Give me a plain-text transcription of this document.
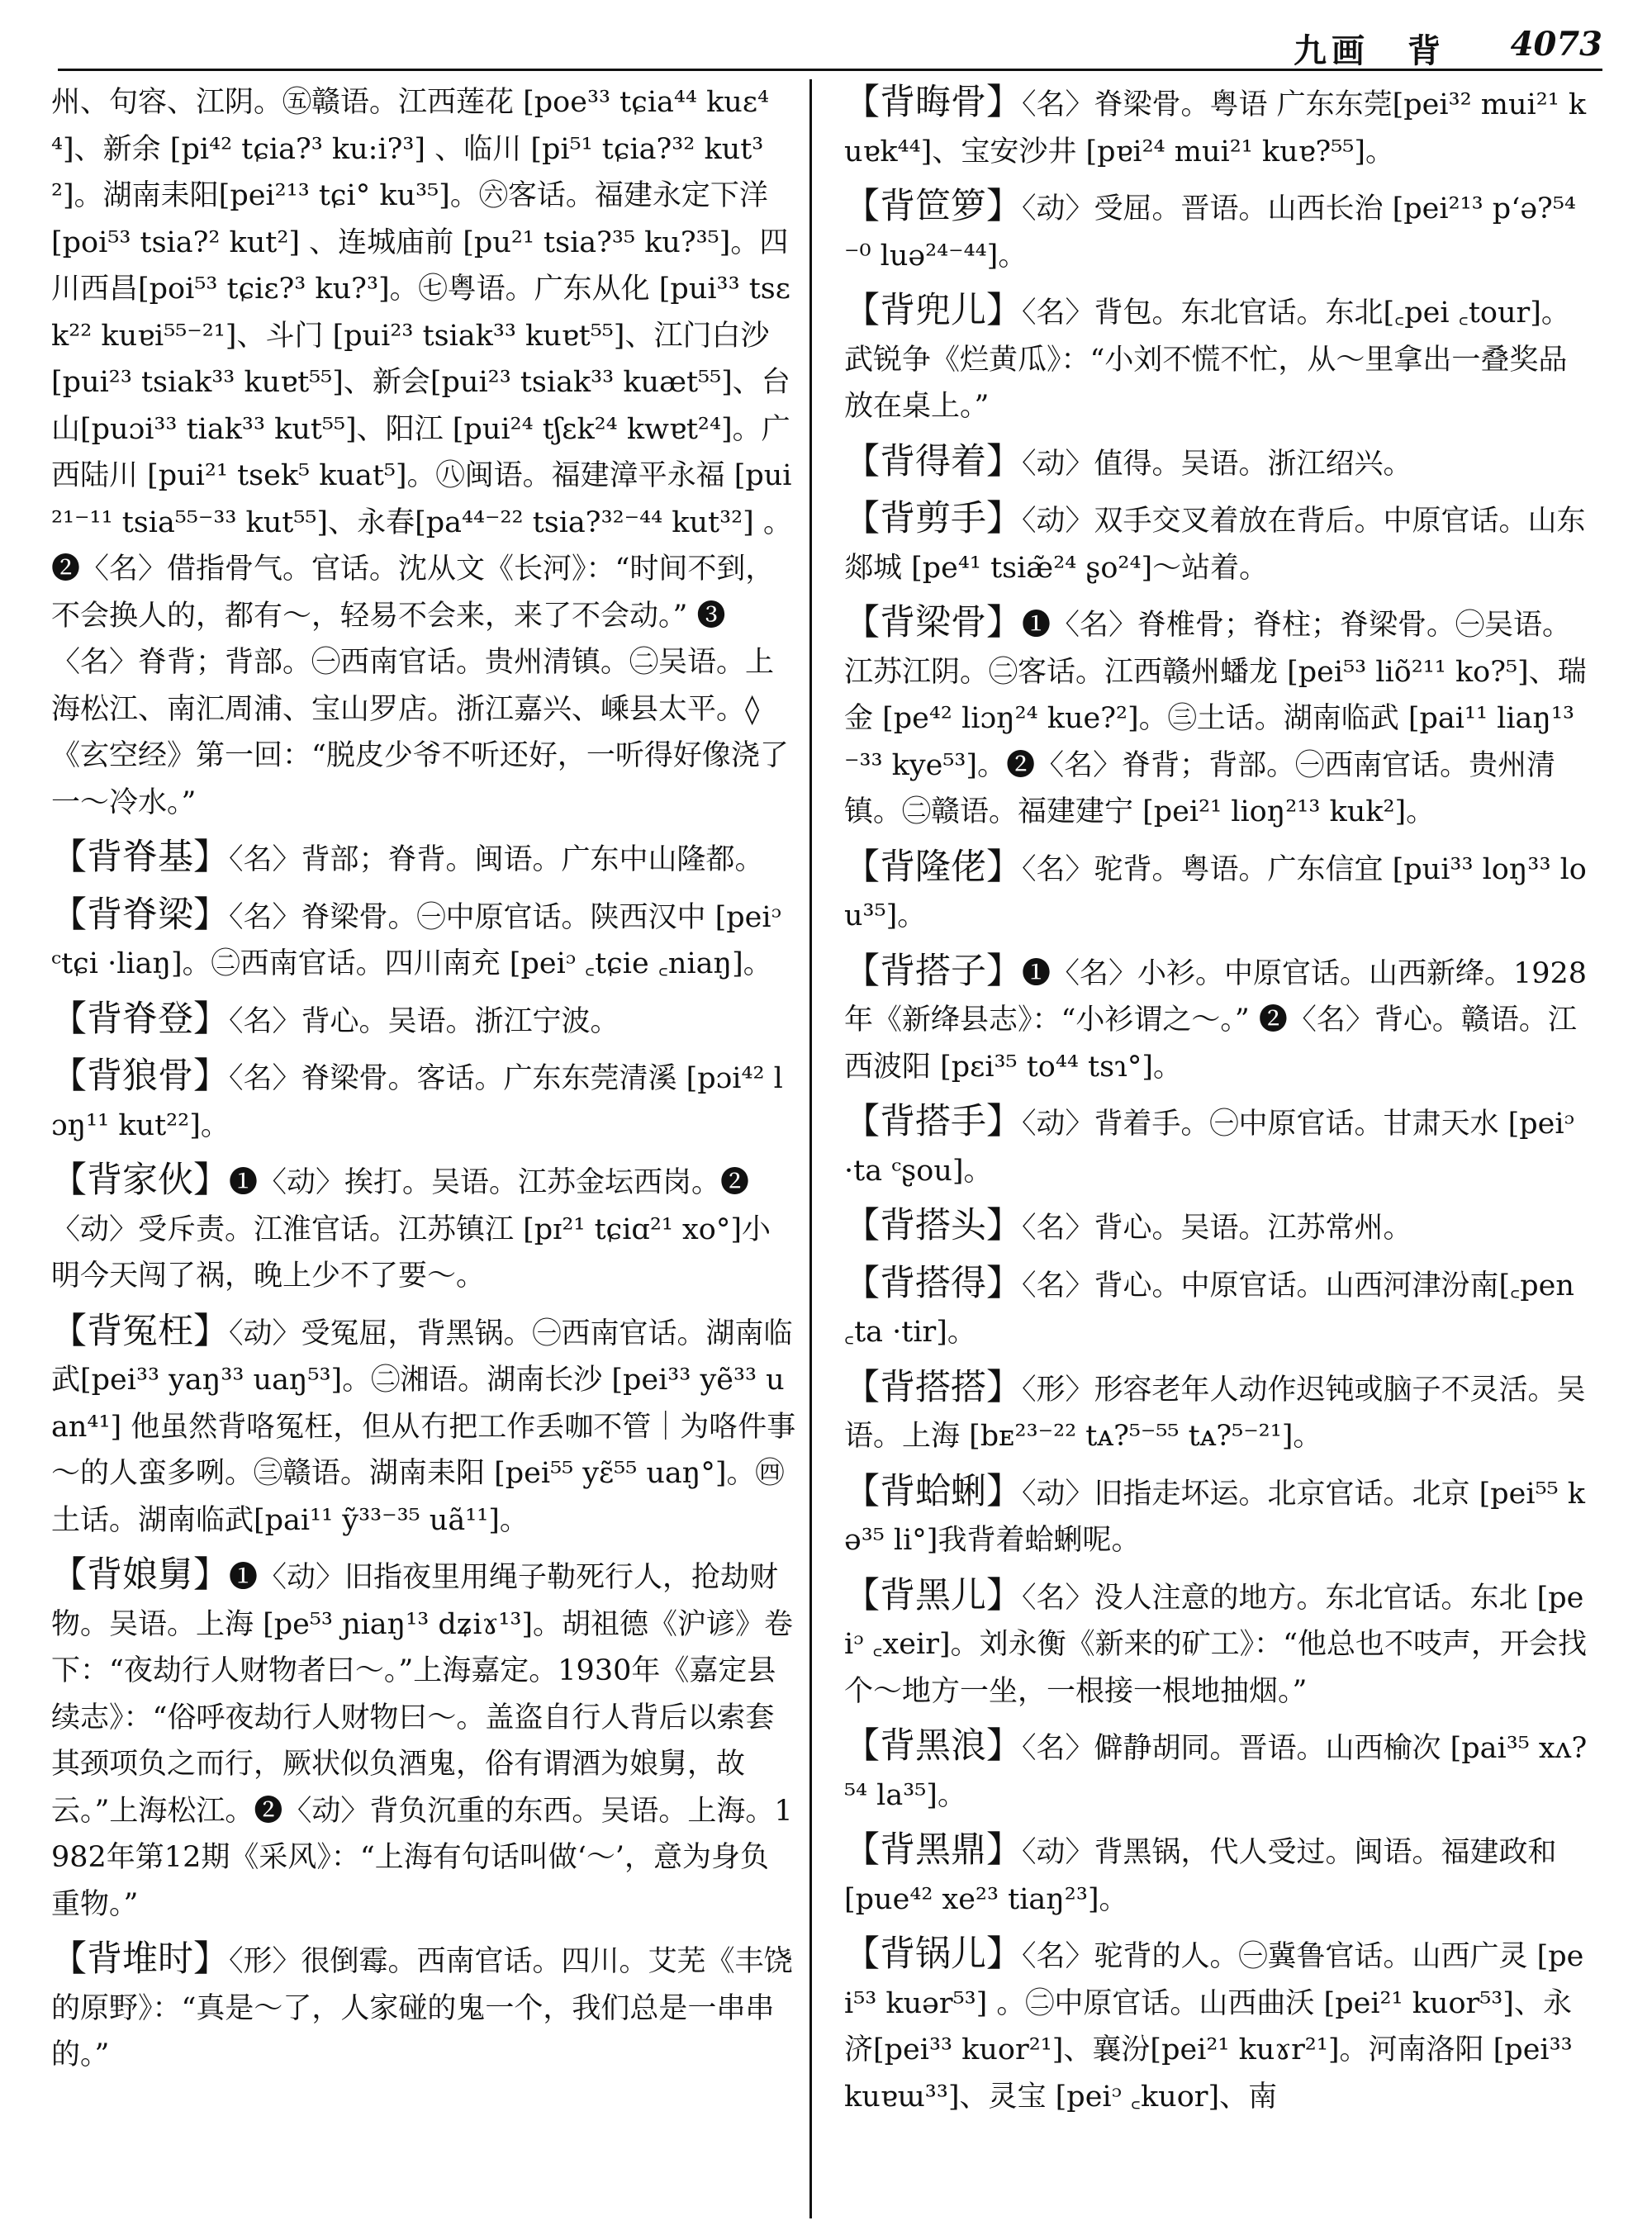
九画　背 4073
州、句容、江阴。㊄赣语。江西莲花 [poe³³ tɕia⁴⁴ kuɛ⁴⁴]、新余 [pi⁴² tɕia?³ ku:i?³] 、临川 [pi⁵¹ tɕia?³² kut³²]。湖南耒阳[pei²¹³ tɕi° ku³⁵]。㊅客话。福建永定下洋 [poi⁵³ tsia?² kut²] 、连城庙前 [pu²¹ tsia?³⁵ ku?³⁵]。四川西昌[poi⁵³ tɕiɛ?³ ku?³]。㊆粤语。广东从化 [pui³³ tsɛk²² kuɐi⁵⁵⁻²¹]、斗门 [pui²³ tsiak³³ kuɐt⁵⁵]、江门白沙 [pui²³ tsiak³³ kuɐt⁵⁵]、新会[pui²³ tsiak³³ kuæt⁵⁵]、台山[puɔi³³ tiak³³ kut⁵⁵]、阳江 [pui²⁴ tʃɛk²⁴ kwɐt²⁴]。广西陆川 [pui²¹ tsek⁵ kuat⁵]。㊇闽语。福建漳平永福 [pui²¹⁻¹¹ tsia⁵⁵⁻³³ kut⁵⁵]、永春[pa⁴⁴⁻²² tsia?³²⁻⁴⁴ kut³²] 。❷〈名〉借指骨气。官话。沈从文《长河》：“时间不到，不会换人的，都有～，轻易不会来，来了不会动。” ❸〈名〉脊背；背部。㊀西南官话。贵州清镇。㊁吴语。上海松江、南汇周浦、宝山罗店。浙江嘉兴、嵊县太平。◊《玄空经》第一回：“脱皮少爷不听还好，一听得好像浇了一～冷水。”
【背脊基】〈名〉背部；脊背。闽语。广东中山隆都。
【背脊梁】〈名〉脊梁骨。㊀中原官话。陕西汉中 [peiᵓ ᶜtɕi ·liaŋ]。㊁西南官话。四川南充 [peiᵓ ꜀tɕie ꜀niaŋ]。
【背脊登】〈名〉背心。吴语。浙江宁波。
【背狼骨】〈名〉脊梁骨。客话。广东东莞清溪 [pɔi⁴² lɔŋ¹¹ kut²²]。
【背家伙】❶〈动〉挨打。吴语。江苏金坛西岗。❷〈动〉受斥责。江淮官话。江苏镇江 [pɪ²¹ tɕiɑ²¹ xo°]小明今天闯了祸，晚上少不了要～。
【背冤枉】〈动〉受冤屈，背黑锅。㊀西南官话。湖南临武[pei³³ yaŋ³³ uaŋ⁵³]。㊁湘语。湖南长沙 [pei³³ yẽ³³ uan⁴¹] 他虽然背咯冤枉，但从冇把工作丢咖不管｜为咯件事～的人蛮多咧。㊂赣语。湖南耒阳 [pei⁵⁵ yɛ̃⁵⁵ uaŋ°]。㊃土话。湖南临武[pai¹¹ ỹ³³⁻³⁵ uã¹¹]。
【背娘舅】❶〈动〉旧指夜里用绳子勒死行人，抢劫财物。吴语。上海 [pe⁵³ ɲiaŋ¹³ dʑiɤ¹³]。胡祖德《沪谚》卷下：“夜劫行人财物者曰～。”上海嘉定。1930年《嘉定县续志》：“俗呼夜劫行人财物曰～。盖盗自行人背后以索套其颈项负之而行，厥状似负酒鬼，俗有谓酒为娘舅，故云。”上海松江。❷〈动〉背负沉重的东西。吴语。上海。1982年第12期《采风》：“上海有句话叫做‘～’，意为身负重物。”
【背堆时】〈形〉很倒霉。西南官话。四川。艾芜《丰饶的原野》：“真是～了，人家碰的鬼一个，我们总是一串串的。”
【背晦骨】〈名〉脊梁骨。粤语 广东东莞[pei³² mui²¹ kuɐk⁴⁴]、宝安沙井 [pɐi²⁴ mui²¹ kuɐ?⁵⁵]。
【背笸箩】〈动〉受屈。晋语。山西长治 [pei²¹³ pʻə?⁵⁴⁻⁰ luə²⁴⁻⁴⁴]。
【背兜儿】〈名〉背包。东北官话。东北[꜀pei ꜀tour]。武锐争《烂黄瓜》：“小刘不慌不忙，从～里拿出一叠奖品放在桌上。”
【背得着】〈动〉值得。吴语。浙江绍兴。
【背剪手】〈动〉双手交叉着放在背后。中原官话。山东郯城 [pe⁴¹ tsiæ̃²⁴ ʂo²⁴]～站着。
【背梁骨】❶〈名〉脊椎骨；脊柱；脊梁骨。㊀吴语。江苏江阴。㊁客话。江西赣州蟠龙 [pei⁵³ liõ²¹¹ ko?⁵]、瑞金 [pe⁴² liɔŋ²⁴ kue?²]。㊂土话。湖南临武 [pai¹¹ liaŋ¹³⁻³³ kye⁵³]。❷〈名〉脊背；背部。㊀西南官话。贵州清镇。㊁赣语。福建建宁 [pei²¹ lioŋ²¹³ kuk²]。
【背隆佬】〈名〉驼背。粤语。广东信宜 [pui³³ loŋ³³ lou³⁵]。
【背搭子】❶〈名〉小衫。中原官话。山西新绛。1928年《新绛县志》：“小衫谓之～。” ❷〈名〉背心。赣语。江西波阳 [pɛi³⁵ to⁴⁴ tsɿ°]。
【背搭手】〈动〉背着手。㊀中原官话。甘肃天水 [peiᵓ ·ta ᶜʂou]。
【背搭头】〈名〉背心。吴语。江苏常州。
【背搭得】〈名〉背心。中原官话。山西河津汾南[꜀pen ꜀ta ·tir]。
【背搭搭】〈形〉形容老年人动作迟钝或脑子不灵活。吴语。上海 [bᴇ²³⁻²² tᴀ?⁵⁻⁵⁵ tᴀ?⁵⁻²¹]。
【背蛤蜊】〈动〉旧指走坏运。北京官话。北京 [pei⁵⁵ kə³⁵ li°]我背着蛤蜊呢。
【背黑儿】〈名〉没人注意的地方。东北官话。东北 [peiᵓ ꜀xeir]。刘永衡《新来的矿工》：“他总也不吱声，开会找个～地方一坐，一根接一根地抽烟。”
【背黑浪】〈名〉僻静胡同。晋语。山西榆次 [pai³⁵ xʌ?⁵⁴ la³⁵]。
【背黑鼎】〈动〉背黑锅，代人受过。闽语。福建政和 [pue⁴² xe²³ tiaŋ²³]。
【背锅儿】〈名〉驼背的人。㊀冀鲁官话。山西广灵 [pei⁵³ kuər⁵³] 。㊁中原官话。山西曲沃 [pei²¹ kuor⁵³]、永济[pei³³ kuor²¹]、襄汾[pei²¹ kuɤr²¹]。河南洛阳 [pei³³ kuɐɯ³³]、灵宝 [peiᵓ ꜀kuor]、南
